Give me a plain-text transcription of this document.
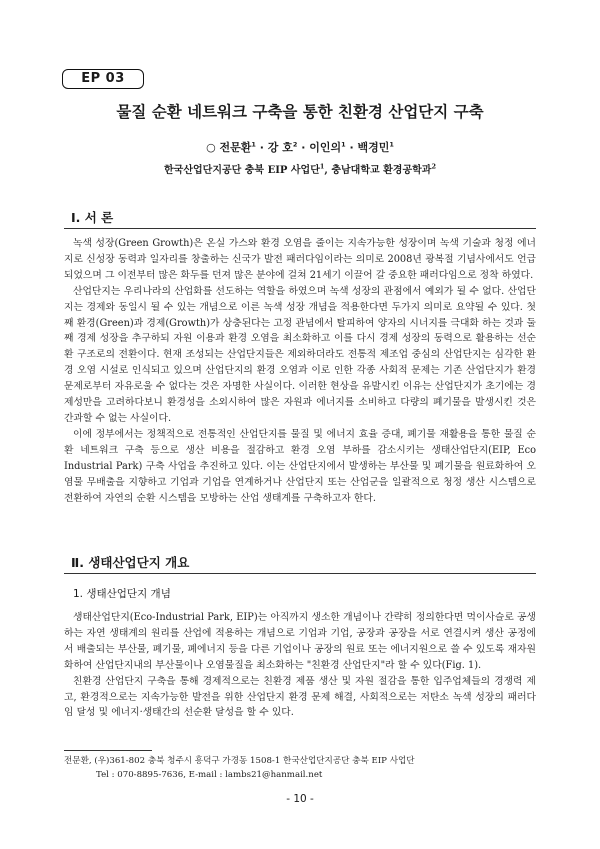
EP 03
물질 순환 네트워크 구축을 통한 친환경 산업단지 구축
○ 전문환$^1$ · 강 호$^2$ · 이인의$^1$ · 백경민$^1$
한국산업단지공단 충북 EIP 사업단$^1$, 충남대학교 환경공학과$^2$
Ⅰ. 서 론

녹색 성장(Green Growth)은 온실 가스와 환경 오염을 줄이는 지속가능한 성장이며 녹색 기술과 청정 에너지로 신성장 동력과 일자리를 창출하는 신국가 발전 패러다임이라는 의미로 2008년 광복절 기념사에서도 언급 되었으며 그 이전부터 많은 화두를 던져 많은 분야에 걸쳐 21세기 이끌어 갈 중요한 패러다임으로 정착 하였다.

산업단지는 우리나라의 산업화를 선도하는 역할을 하였으며 녹색 성장의 관점에서 예외가 될 수 없다. 산업단지는 경제와 동일시 될 수 있는 개념으로 이른 녹색 성장 개념을 적용한다면 두가지 의미로 요약될 수 있다. 첫째 환경(Green)과 경제(Growth)가 상충된다는 고정 관념에서 탈피하여 양자의 시너지를 극대화 하는 것과 둘째 경제 성장을 추구하되 자원 이용과 환경 오염을 최소화하고 이를 다시 경제 성장의 동력으로 활용하는 선순환 구조로의 전환이다. 현재 조성되는 산업단지들은 제외하더라도 전통적 제조업 중심의 산업단지는 심각한 환경 오염 시설로 인식되고 있으며 산업단지의 환경 오염과 이로 인한 각종 사회적 문제는 기존 산업단지가 환경 문제로부터 자유로울 수 없다는 것은 자명한 사실이다. 이러한 현상을 유발시킨 이유는 산업단지가 초기에는 경제성만을 고려하다보니 환경성을 소외시하여 많은 자원과 에너지를 소비하고 다량의 폐기물을 발생시킨 것은 간과할 수 없는 사실이다.

이에 정부에서는 정책적으로 전통적인 산업단지를 물질 및 에너지 효율 증대, 폐기물 재활용을 통한 물질 순환 네트워크 구축 등으로 생산 비용을 절감하고 환경 오염 부하를 감소시키는 생태산업단지(EIP, Eco Industrial Park) 구축 사업을 추진하고 있다. 이는 산업단지에서 발생하는 부산물 및 폐기물을 원료화하여 오염물 무배출을 지향하고 기업과 기업을 연계하거나 산업단지 또는 산업군을 일괄적으로 청정 생산 시스템으로 전환하여 자연의 순환 시스템을 모방하는 산업 생태계를 구축하고자 한다.

Ⅱ. 생태산업단지 개요
1. 생태산업단지 개념

생태산업단지(Eco-Industrial Park, EIP)는 아직까지 생소한 개념이나 간략히 정의한다면 먹이사슬로 공생하는 자연 생태계의 원리를 산업에 적용하는 개념으로 기업과 기업, 공장과 공장을 서로 연결시켜 생산 공정에서 배출되는 부산물, 폐기물, 폐에너지 등을 다른 기업이나 공장의 원료 또는 에너지원으로 쓸 수 있도록 재자원화하여 산업단지내의 부산물이나 오염물질을 최소화하는 "친환경 산업단지"라 할 수 있다(Fig. 1).

친환경 산업단지 구축을 통해 경제적으로는 친환경 제품 생산 및 자원 절감을 통한 입주업체들의 경쟁력 제고, 환경적으로는 지속가능한 발전을 위한 산업단지 환경 문제 해결, 사회적으로는 저탄소 녹색 성장의 패러다임 달성 및 에너지·생태간의 선순환 달성을 할 수 있다.

전문환, (우)361-802 충북 청주시 흥덕구 가경동 1508-1 한국산업단지공단 충북 EIP 사업단
Tel : 070-8895-7636, E-mail : lambs21@hanmail.net
- 10 -
